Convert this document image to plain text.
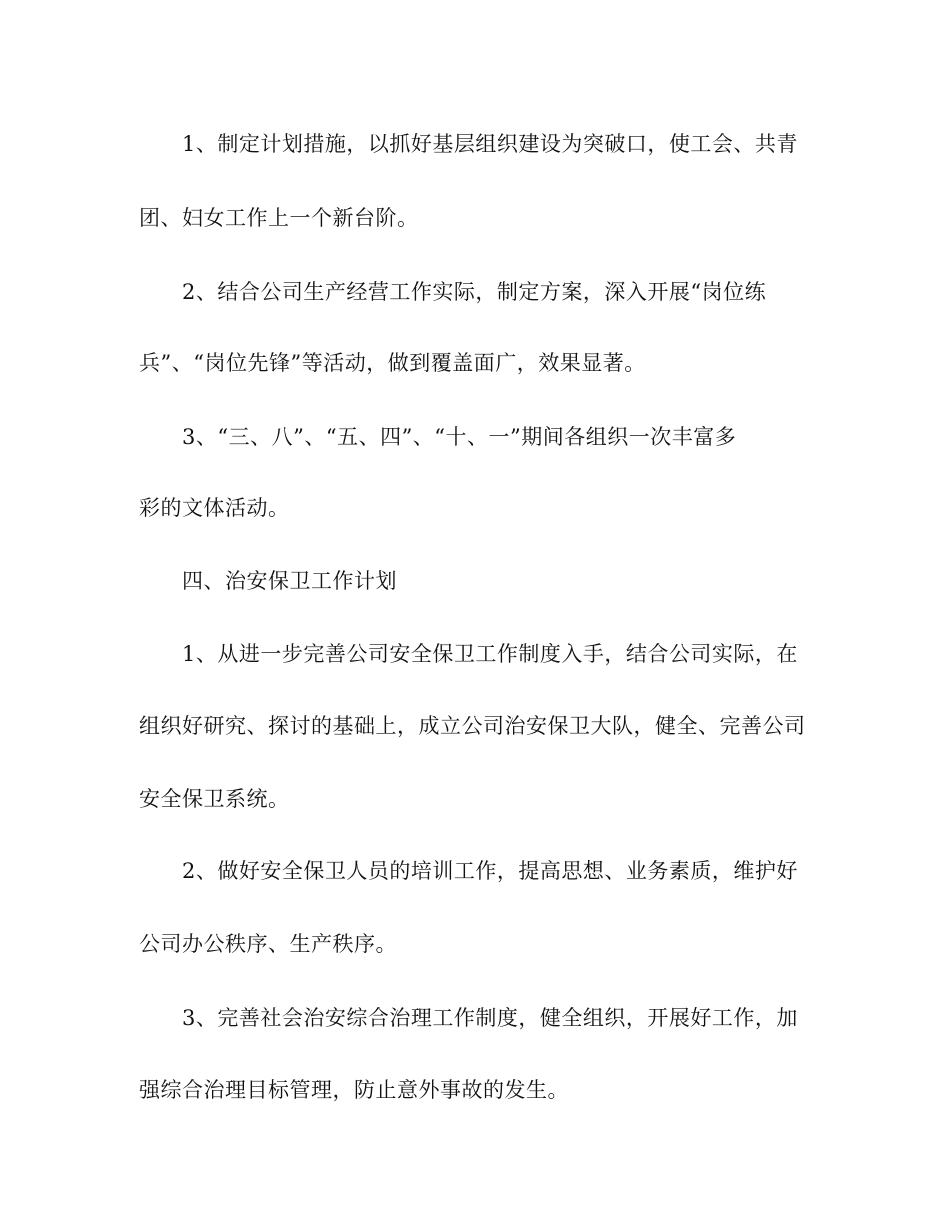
1、制定计划措施，以抓好基层组织建设为突破口，使工会、共青
团、妇女工作上一个新台阶。
2、结合公司生产经营工作实际，制定方案，深入开展“岗位练
兵”、“岗位先锋”等活动，做到覆盖面广，效果显著。
3、“三、八”、“五、四”、“十、一”期间各组织一次丰富多
彩的文体活动。
四、治安保卫工作计划
1、从进一步完善公司安全保卫工作制度入手，结合公司实际，在
组织好研究、探讨的基础上，成立公司治安保卫大队，健全、完善公司
安全保卫系统。
2、做好安全保卫人员的培训工作，提高思想、业务素质，维护好
公司办公秩序、生产秩序。
3、完善社会治安综合治理工作制度，健全组织，开展好工作，加
强综合治理目标管理，防止意外事故的发生。
